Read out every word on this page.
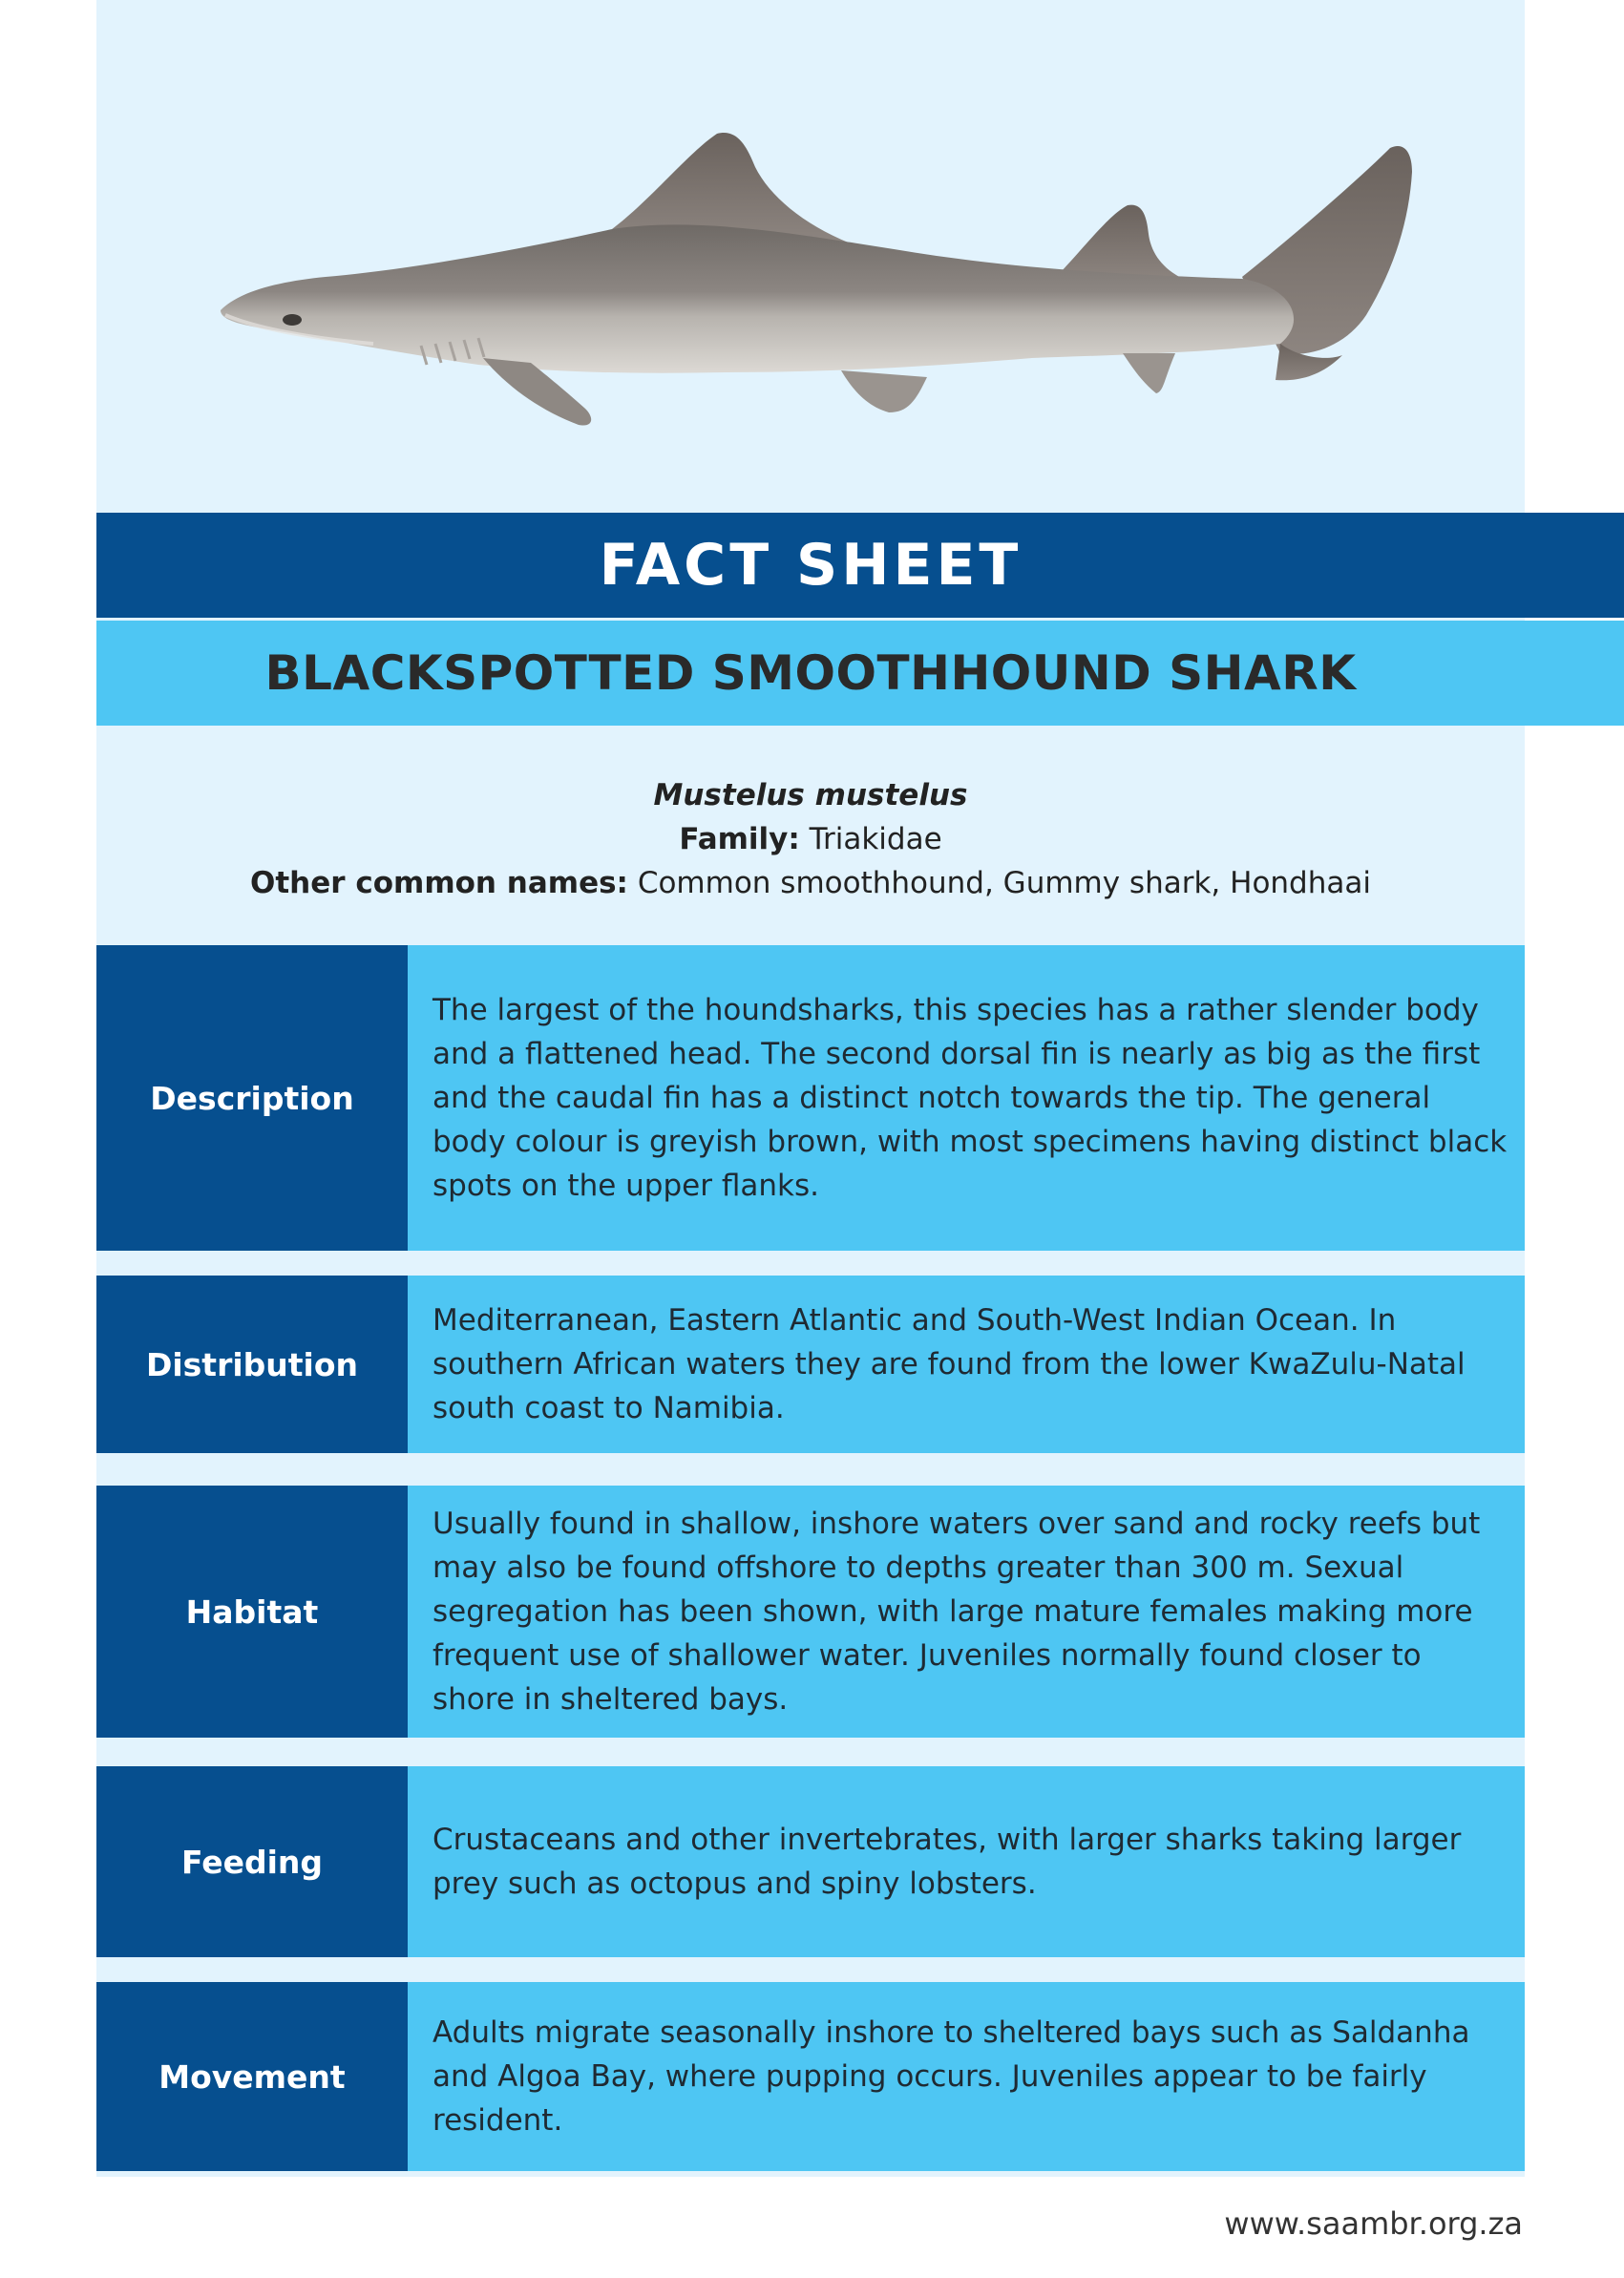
FACT SHEET
BLACKSPOTTED SMOOTHHOUND SHARK
Mustelus mustelus
Family: Triakidae
Other common names: Common smoothhound, Gummy shark, Hondhaai
Description
The largest of the houndsharks, this species has a rather slender body and a flattened head. The second dorsal fin is nearly as big as the first and the caudal fin has a distinct notch towards the tip. The general body colour is greyish brown, with most specimens having distinct black spots on the upper flanks.
Distribution
Mediterranean, Eastern Atlantic and South-West Indian Ocean. In southern African waters they are found from the lower KwaZulu-Natal south coast to Namibia.
Habitat
Usually found in shallow, inshore waters over sand and rocky reefs but may also be found offshore to depths greater than 300 m. Sexual segregation has been shown, with large mature females making more frequent use of shallower water. Juveniles normally found closer to shore in sheltered bays.
Feeding
Crustaceans and other invertebrates, with larger sharks taking larger prey such as octopus and spiny lobsters.
Movement
Adults migrate seasonally inshore to sheltered bays such as Saldanha and Algoa Bay, where pupping occurs. Juveniles appear to be fairly resident.
www.saambr.org.za
